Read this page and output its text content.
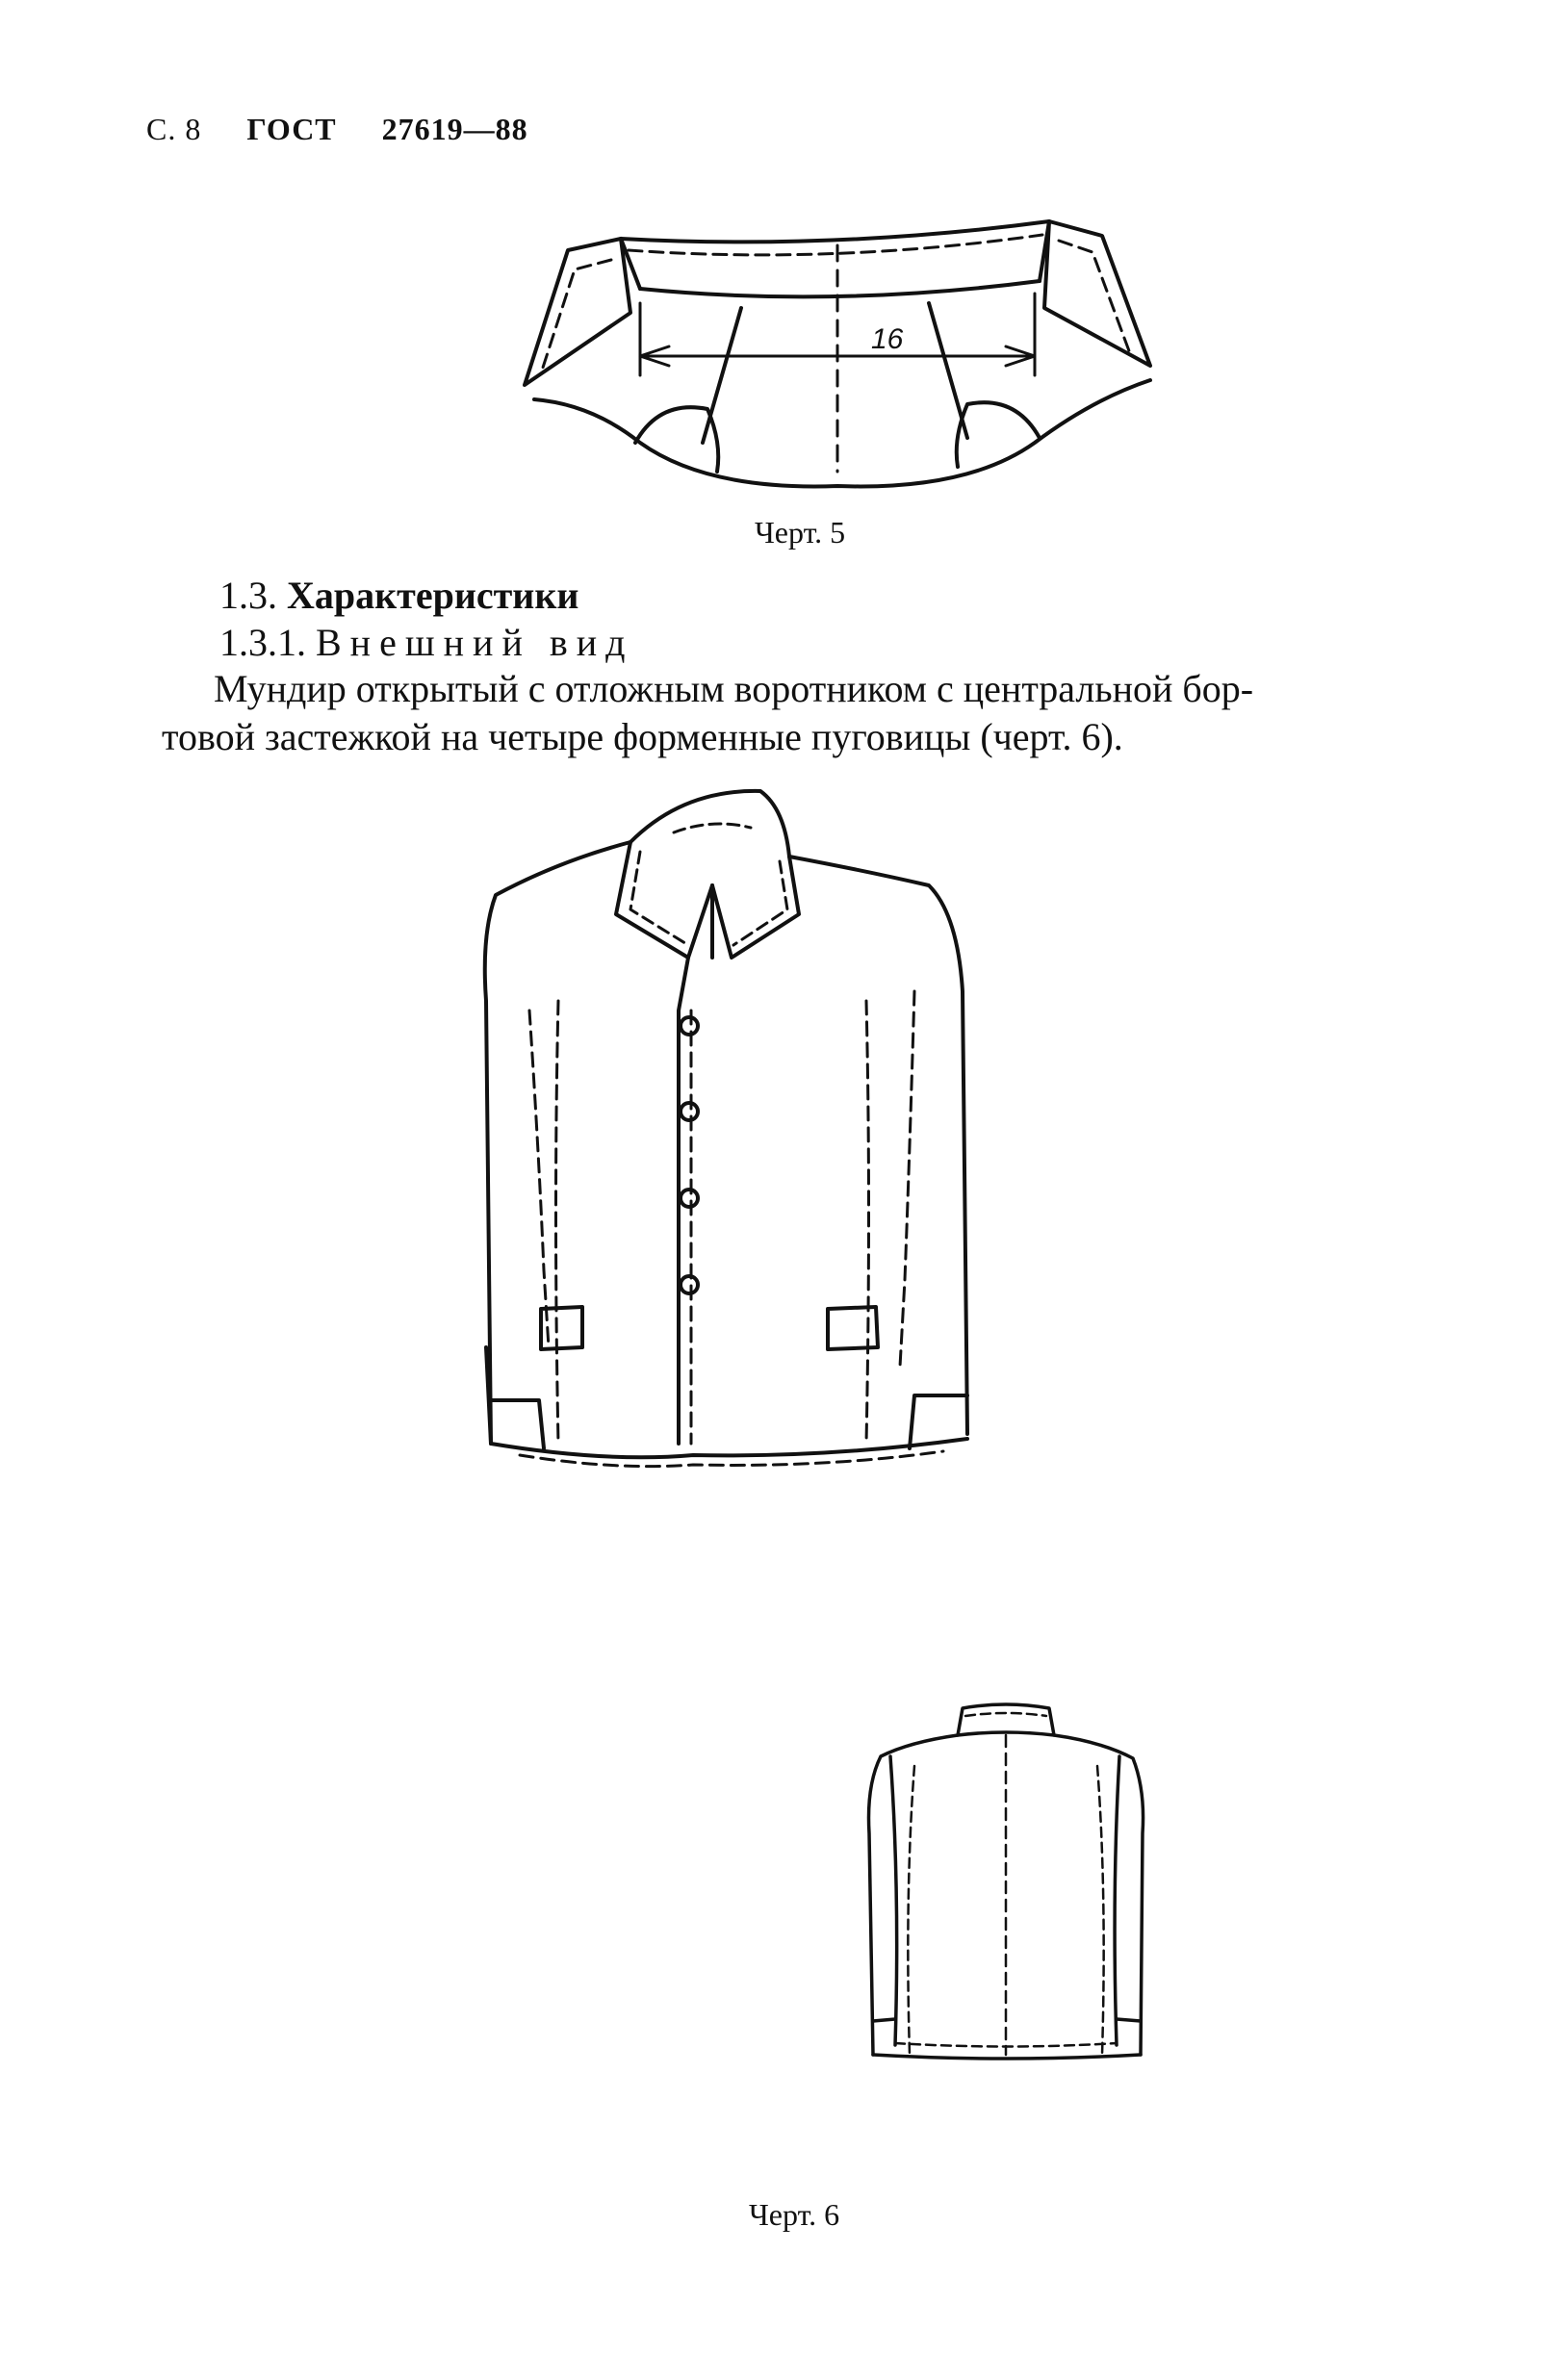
С. 8 ГОСТ 27619—88
16
Черт. 5
1.3. Характеристики
1.3.1. Внешний вид
Мундир открытый с отложным воротником с центральной бор-
товой застежкой на четыре форменные пуговицы (черт. 6).
Черт. 6
